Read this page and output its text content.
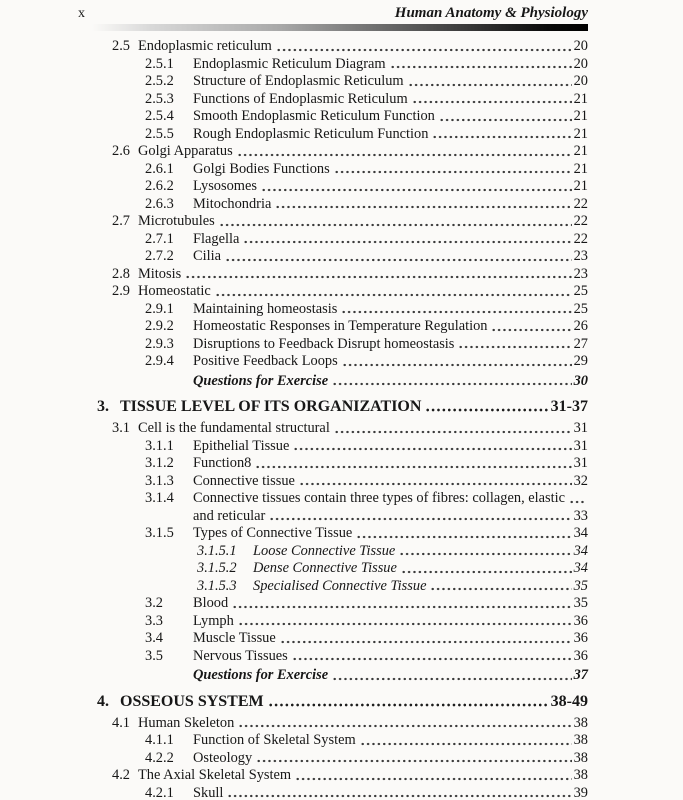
x	Human Anatomy & Physiology
2.5 Endoplasmic reticulum	20
2.5.1	Endoplasmic Reticulum Diagram	20
2.5.2	Structure of Endoplasmic Reticulum	20
2.5.3	Functions of Endoplasmic Reticulum	21
2.5.4	Smooth Endoplasmic Reticulum Function	21
2.5.5	Rough Endoplasmic Reticulum Function	21
2.6 Golgi Apparatus	21
2.6.1	Golgi Bodies Functions	21
2.6.2	Lysosomes	21
2.6.3	Mitochondria	22
2.7 Microtubules	22
2.7.1	Flagella	22
2.7.2	Cilia	23
2.8 Mitosis	23
2.9 Homeostatic	25
2.9.1	Maintaining homeostasis	25
2.9.2	Homeostatic Responses in Temperature Regulation	26
2.9.3	Disruptions to Feedback Disrupt homeostasis	27
2.9.4	Positive Feedback Loops	29
Questions for Exercise	30
3. TISSUE LEVEL OF ITS ORGANIZATION	31-37
3.1 Cell is the fundamental structural	31
3.1.1	Epithelial Tissue	31
3.1.2	Function8	31
3.1.3	Connective tissue	32
3.1.4	Connective tissues contain three types of fibres: collagen, elastic
and reticular	33
3.1.5	Types of Connective Tissue	34
3.1.5.1	Loose Connective Tissue	34
3.1.5.2	Dense Connective Tissue	34
3.1.5.3	Specialised Connective Tissue	35
3.2	Blood	35
3.3	Lymph	36
3.4	Muscle Tissue	36
3.5	Nervous Tissues	36
Questions for Exercise	37
4. OSSEOUS SYSTEM	38-49
4.1 Human Skeleton	38
4.1.1	Function of Skeletal System	38
4.2.2	Osteology	38
4.2 The Axial Skeletal System	38
4.2.1	Skull	39
